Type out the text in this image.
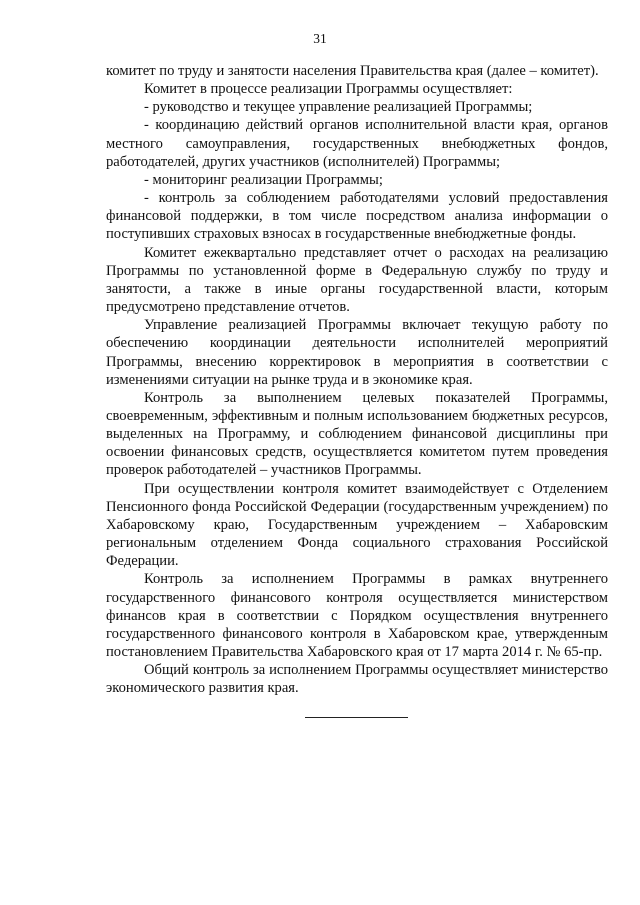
31

комитет по труду и занятости населения Правительства края (далее – комитет).

Комитет в процессе реализации Программы осуществляет:

- руководство и текущее управление реализацией Программы;

- координацию действий органов исполнительной власти края, органов местного самоуправления, государственных внебюджетных фондов, работодателей, других участников (исполнителей) Программы;

- мониторинг реализации Программы;

- контроль за соблюдением работодателями условий предоставления финансовой поддержки, в том числе посредством анализа информации о поступивших страховых взносах в государственные внебюджетные фонды.

Комитет ежеквартально представляет отчет о расходах на реализацию Программы по установленной форме в Федеральную службу по труду и занятости, а также в иные органы государственной власти, которым предусмотрено представление отчетов.

Управление реализацией Программы включает текущую работу по обеспечению координации деятельности исполнителей мероприятий Программы, внесению корректировок в мероприятия в соответствии с изменениями ситуации на рынке труда и в экономике края.

Контроль за выполнением целевых показателей Программы, своевременным, эффективным и полным использованием бюджетных ресурсов, выделенных на Программу, и соблюдением финансовой дисциплины при освоении финансовых средств, осуществляется комитетом путем проведения проверок работодателей – участников Программы.

При осуществлении контроля комитет взаимодействует с Отделением Пенсионного фонда Российской Федерации (государственным учреждением) по Хабаровскому краю, Государственным учреждением – Хабаровским региональным отделением Фонда социального страхования Российской Федерации.

Контроль за исполнением Программы в рамках внутреннего государственного финансового контроля осуществляется министерством финансов края в соответствии с Порядком осуществления внутреннего государственного финансового контроля в Хабаровском крае, утвержденным постановлением Правительства Хабаровского края от 17 марта 2014 г. № 65-пр.

Общий контроль за исполнением Программы осуществляет министерство экономического развития края.
